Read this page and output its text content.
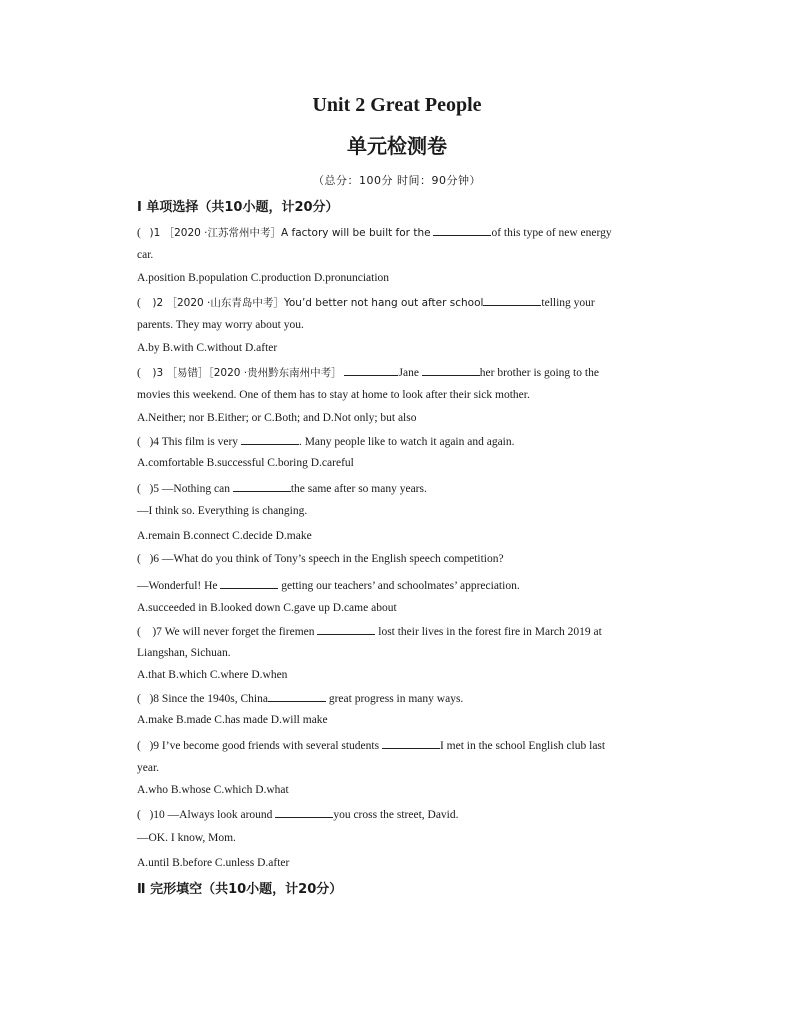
Unit 2 Great People
单元检测卷
（总分：100分 时间：90分钟）
Ⅰ 单项选择（共10小题，计20分）
( )1 ［2020 ·江苏常州中考］A factory will be built for the	of this type of new energy
car.
A.position B.population C.production D.pronunciation
( )2 ［2020 ·山东青岛中考］You’d better not hang out after school	telling your
parents. They may worry about you.
A.by B.with C.without D.after
( )3 ［易错］［2020 ·贵州黔东南州中考］	Jane	her brother is going to the
movies this weekend. One of them has to stay at home to look after their sick mother.
A.Neither; nor B.Either; or C.Both; and D.Not only; but also
( )4 This film is very	. Many people like to watch it again and again.
A.comfortable B.successful C.boring D.careful
( )5 —Nothing can	the same after so many years.
—I think so. Everything is changing.
A.remain B.connect C.decide D.make
( )6 —What do you think of Tony’s speech in the English speech competition?
—Wonderful! He	getting our teachers’ and schoolmates’ appreciation.
A.succeeded in B.looked down C.gave up D.came about
( )7 We will never forget the firemen	lost their lives in the forest fire in March 2019 at
Liangshan, Sichuan.
A.that B.which C.where D.when
( )8 Since the 1940s, China	great progress in many ways.
A.make B.made C.has made D.will make
( )9 I’ve become good friends with several students	I met in the school English club last
year.
A.who B.whose C.which D.what
( )10 —Always look around	you cross the street, David.
—OK. I know, Mom.
A.until B.before C.unless D.after
Ⅱ 完形填空（共10小题，计20分）
